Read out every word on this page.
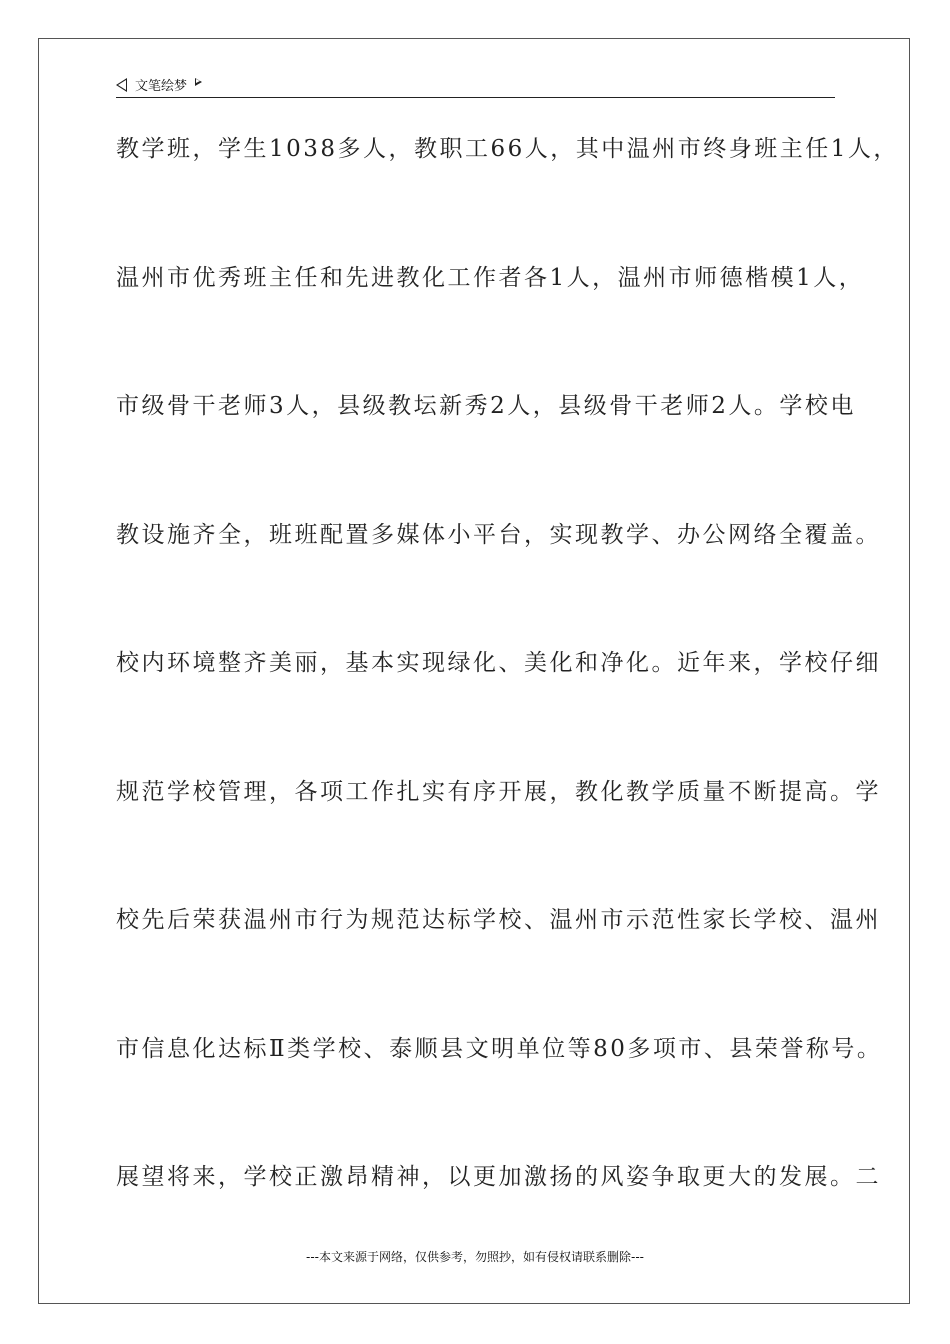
文笔绘梦
教学班，学生1038多人，教职工66人，其中温州市终身班主任1人，
温州市优秀班主任和先进教化工作者各1人，温州市师德楷模1人，
市级骨干老师3人，县级教坛新秀2人，县级骨干老师2人。学校电
教设施齐全，班班配置多媒体小平台，实现教学、办公网络全覆盖。
校内环境整齐美丽，基本实现绿化、美化和净化。近年来，学校仔细
规范学校管理，各项工作扎实有序开展，教化教学质量不断提高。学
校先后荣获温州市行为规范达标学校、温州市示范性家长学校、温州
市信息化达标Ⅱ类学校、泰顺县文明单位等80多项市、县荣誉称号。
展望将来，学校正激昂精神，以更加激扬的风姿争取更大的发展。二
---本文来源于网络，仅供参考，勿照抄，如有侵权请联系删除---
